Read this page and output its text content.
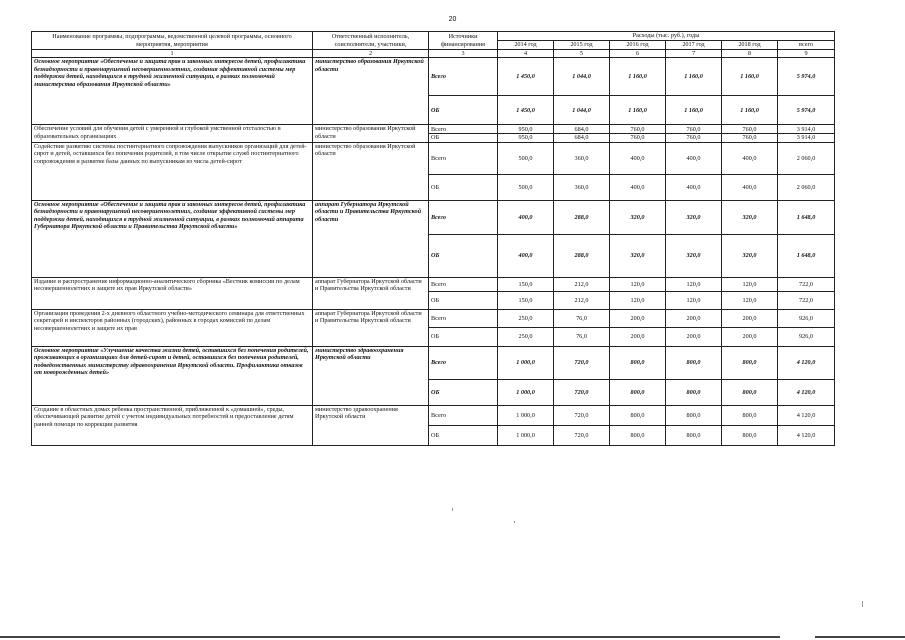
20
Наименование программы, подпрограммы, ведомственной целевой программы, основного мероприятия, мероприятия	Ответственный исполнитель, соисполнители, участники,	Источники финансирования	Расходы (тыс. руб.), годы					
			2014 год	2015 год	2016 год	2017 год	2018 год	всего
1	2	3	4	5	6	7	8	9
Основное мероприятие «Обеспечение и защита прав и законных интересов детей, профилактика безнадзорности и правонарушений несовершеннолетних, создания эффективной системы мер поддержки детей, находящихся в трудной жизненной ситуации, в рамках полномочий министерства образования Иркутской области»	министерство образования Иркутской области	Всего	1 450,0	1 044,0	1 160,0	1 160,0	1 160,0	5 974,0
		ОБ	1 450,0	1 044,0	1 160,0	1 160,0	1 160,0	5 974,0
Обеспечение условий для обучения детей с умеренной и глубокой умственной отсталостью в образовательных организациях	министерство образования Иркутской области	Всего	950,0	684,0	760,0	760,0	760,0	3 914,0
		ОБ	950,0	684,0	760,0	760,0	760,0	3 914,0
Содействие развитию системы постинтернатного сопровождения выпускников организаций для детей-сирот и детей, оставшихся без попечения родителей, в том числе открытие служб постинтернатного сопровождения и развитие базы данных по выпускникам из числа детей-сирот	министерство образования Иркутской области	Всего	500,0	360,0	400,0	400,0	400,0	2 060,0
		ОБ	500,0	360,0	400,0	400,0	400,0	2 060,0
Основное мероприятие «Обеспечение и защита прав и законных интересов детей, профилактика безнадзорности и правонарушений несовершеннолетних, создание эффективной системы мер поддержки детей, находящихся в трудной жизненной ситуации, в рамках полномочий аппарата Губернатора Иркутской области и Правительства Иркутской области»	аппарат Губернатора Иркутской области и Правительства Иркутской области	Всего	400,0	288,0	320,0	320,0	320,0	1 648,0
		ОБ	400,0	288,0	320,0	320,0	320,0	1 648,0
Издание и распространение информационно-аналитического сборника «Вестник комиссии по делам несовершеннолетних и защите их прав Иркутской области»	аппарат Губернатора Иркутской области и Правительства Иркутской области	Всего	150,0	212,0	120,0	120,0	120,0	722,0
		ОБ	150,0	212,0	120,0	120,0	120,0	722,0
Организация проведения 2-х дневного областного учебно-методического семинара для ответственных секретарей и инспекторов районных (городских), районных в городах комиссий по делам несовершеннолетних и защите их прав	аппарат Губернатора Иркутской области и Правительства Иркутской области	Всего	250,0	76,0	200,0	200,0	200,0	926,0
		ОБ	250,0	76,0	200,0	200,0	200,0	926,0
Основное мероприятие «Улучшение качества жизни детей, оставшихся без попечения родителей, проживающих в организациях для детей-сирот и детей, оставшихся без попечения родителей, подведомственных министерству здравоохранения Иркутской области. Профилактика отказов от новорожденных детей»	министерство здравоохранения Иркутской области	Всего	1 000,0	720,0	800,0	800,0	800,0	4 120,0
		ОБ	1 000,0	720,0	800,0	800,0	800,0	4 120,0
Создание в областных домах ребенка пространственной, приближенной к «домашней», среды, обеспечивающей развитие детей с учетом индивидуальных потребностей и предоставление детям ранней помощи по коррекции развития	министерство здравоохранения Иркутской области	Всего	1 000,0	720,0	800,0	800,0	800,0	4 120,0
		ОБ	1 000,0	720,0	800,0	800,0	800,0	4 120,0
